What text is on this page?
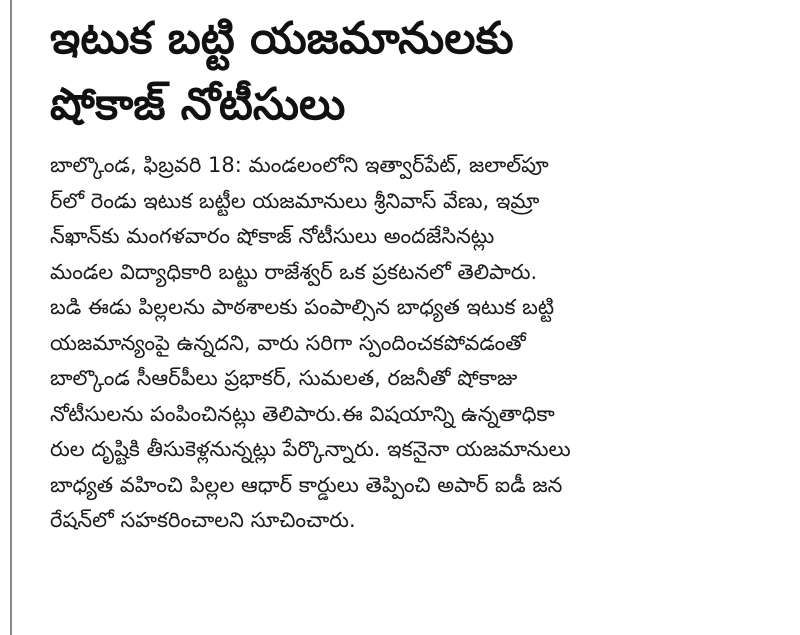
ఇటుక బట్టి యజమానులకు
షోకాజ్ నోటీసులు
బాల్కొండ, ఫిబ్రవరి 18: మండలంలోని ఇత్వార్‌పేట్, జలాల్‌పూ
ర్‌లో రెండు ఇటుక బట్టీల యజమానులు శ్రీనివాస్ వేణు, ఇమ్రా
న్‌ఖాన్‌కు మంగళవారం షోకాజ్ నోటీసులు అందజేసినట్లు
మండల విద్యాధికారి బట్టు రాజేశ్వర్ ఒక ప్రకటనలో తెలిపారు.
బడి ఈడు పిల్లలను పాఠశాలకు పంపాల్సిన బాధ్యత ఇటుక బట్టి
యజమాన్యంపై ఉన్నదని, వారు సరిగా స్పందించకపోవడంతో
బాల్కొండ సీఆర్‌పీలు ప్రభాకర్, సుమలత, రజనీతో షోకాజు
నోటీసులను పంపించినట్లు తెలిపారు.ఈ విషయాన్ని ఉన్నతాధికా
రుల దృష్టికి తీసుకెళ్లనున్నట్లు పేర్కొన్నారు. ఇకనైనా యజమానులు
బాధ్యత వహించి పిల్లల ఆధార్ కార్డులు తెప్పించి అపార్ ఐడీ జన
రేషన్‌లో సహకరించాలని సూచించారు.
